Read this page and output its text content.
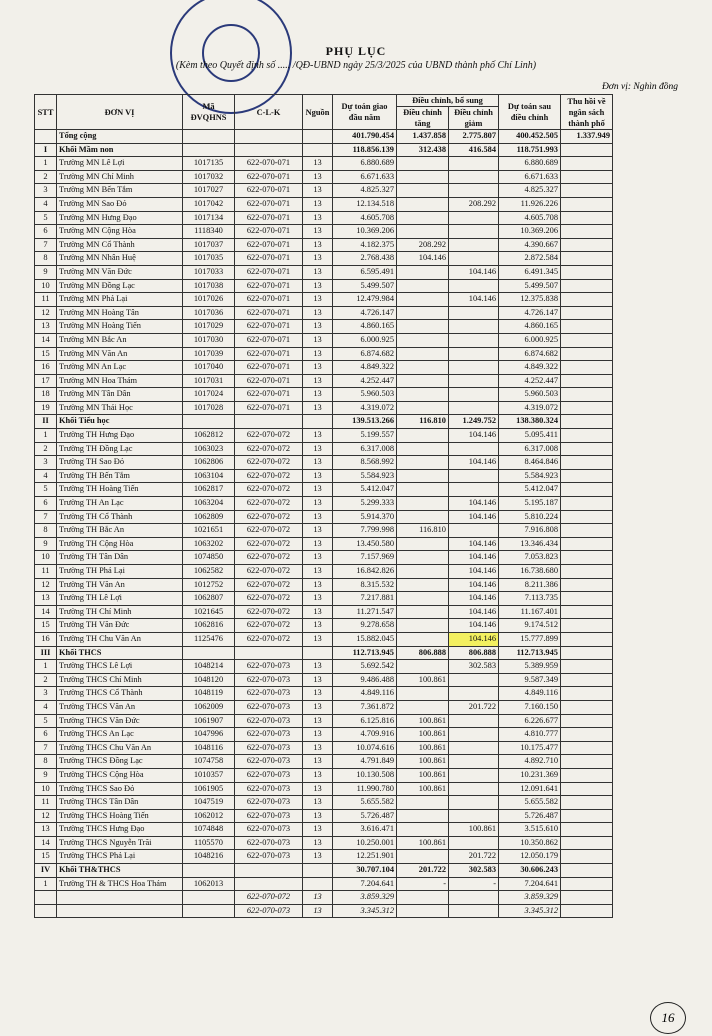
PHỤ LỤC
(Kèm theo Quyết định số ..... /QĐ-UBND ngày 25/3/2025 của UBND thành phố Chí Linh)
Đơn vị: Nghìn đồng
STT	ĐƠN VỊ	Mã ĐVQHNS	C-L-K	Nguồn	Dự toán giao đầu năm	Điều chỉnh, bổ sung		Dự toán sau điều chỉnh	Thu hồi về ngân sách thành phố
						Điều chỉnh tăng	Điều chỉnh giảm		
	Tổng cộng				401.790.454	1.437.858	2.775.807	400.452.505	1.337.949
I	Khối Mầm non				118.856.139	312.438	416.584	118.751.993	
1	Trường MN Lê Lợi	1017135	622-070-071	13	6.880.689			6.880.689	
2	Trường MN Chí Minh	1017032	622-070-071	13	6.671.633			6.671.633	
3	Trường MN Bến Tắm	1017027	622-070-071	13	4.825.327			4.825.327	
4	Trường MN Sao Đỏ	1017042	622-070-071	13	12.134.518		208.292	11.926.226	
5	Trường MN Hưng Đạo	1017134	622-070-071	13	4.605.708			4.605.708	
6	Trường MN Cộng Hòa	1118340	622-070-071	13	10.369.206			10.369.206	
7	Trường MN Cổ Thành	1017037	622-070-071	13	4.182.375	208.292		4.390.667	
8	Trường MN Nhân Huệ	1017035	622-070-071	13	2.768.438	104.146		2.872.584	
9	Trường MN Văn Đức	1017033	622-070-071	13	6.595.491		104.146	6.491.345	
10	Trường MN Đồng Lạc	1017038	622-070-071	13	5.499.507			5.499.507	
11	Trường MN Phả Lại	1017026	622-070-071	13	12.479.984		104.146	12.375.838	
12	Trường MN Hoàng Tân	1017036	622-070-071	13	4.726.147			4.726.147	
13	Trường MN Hoàng Tiến	1017029	622-070-071	13	4.860.165			4.860.165	
14	Trường MN Bắc An	1017030	622-070-071	13	6.000.925			6.000.925	
15	Trường MN Văn An	1017039	622-070-071	13	6.874.682			6.874.682	
16	Trường MN An Lạc	1017040	622-070-071	13	4.849.322			4.849.322	
17	Trường MN Hoa Thám	1017031	622-070-071	13	4.252.447			4.252.447	
18	Trường MN Tân Dân	1017024	622-070-071	13	5.960.503			5.960.503	
19	Trường MN Thái Học	1017028	622-070-071	13	4.319.072			4.319.072	
II	Khối Tiểu học				139.513.266	116.810	1.249.752	138.380.324	
1	Trường TH Hưng Đạo	1062812	622-070-072	13	5.199.557		104.146	5.095.411	
2	Trường TH Đồng Lạc	1063023	622-070-072	13	6.317.008			6.317.008	
3	Trường TH Sao Đỏ	1062806	622-070-072	13	8.568.992		104.146	8.464.846	
4	Trường TH Bến Tắm	1063104	622-070-072	13	5.584.923			5.584.923	
5	Trường TH Hoàng Tiến	1062817	622-070-072	13	5.412.047			5.412.047	
6	Trường TH An Lạc	1063204	622-070-072	13	5.299.333		104.146	5.195.187	
7	Trường TH Cổ Thành	1062809	622-070-072	13	5.914.370		104.146	5.810.224	
8	Trường TH Bắc An	1021651	622-070-072	13	7.799.998	116.810		7.916.808	
9	Trường TH Cộng Hòa	1063202	622-070-072	13	13.450.580		104.146	13.346.434	
10	Trường TH Tân Dân	1074850	622-070-072	13	7.157.969		104.146	7.053.823	
11	Trường TH Phả Lại	1062582	622-070-072	13	16.842.826		104.146	16.738.680	
12	Trường TH Văn An	1012752	622-070-072	13	8.315.532		104.146	8.211.386	
13	Trường TH Lê Lợi	1062807	622-070-072	13	7.217.881		104.146	7.113.735	
14	Trường TH Chí Minh	1021645	622-070-072	13	11.271.547		104.146	11.167.401	
15	Trường TH Văn Đức	1062816	622-070-072	13	9.278.658		104.146	9.174.512	
16	Trường TH Chu Văn An	1125476	622-070-072	13	15.882.045		104.146	15.777.899	
III	Khối THCS				112.713.945	806.888	806.888	112.713.945	
1	Trường THCS Lê Lợi	1048214	622-070-073	13	5.692.542		302.583	5.389.959	
2	Trường THCS Chí Minh	1048120	622-070-073	13	9.486.488	100.861		9.587.349	
3	Trường THCS Cổ Thành	1048119	622-070-073	13	4.849.116			4.849.116	
4	Trường THCS Văn An	1062009	622-070-073	13	7.361.872		201.722	7.160.150	
5	Trường THCS Văn Đức	1061907	622-070-073	13	6.125.816	100.861		6.226.677	
6	Trường THCS An Lạc	1047996	622-070-073	13	4.709.916	100.861		4.810.777	
7	Trường THCS Chu Văn An	1048116	622-070-073	13	10.074.616	100.861		10.175.477	
8	Trường THCS Đồng Lạc	1074758	622-070-073	13	4.791.849	100.861		4.892.710	
9	Trường THCS Cộng Hòa	1010357	622-070-073	13	10.130.508	100.861		10.231.369	
10	Trường THCS Sao Đỏ	1061905	622-070-073	13	11.990.780	100.861		12.091.641	
11	Trường THCS Tân Dân	1047519	622-070-073	13	5.655.582			5.655.582	
12	Trường THCS Hoàng Tiến	1062012	622-070-073	13	5.726.487			5.726.487	
13	Trường THCS Hưng Đạo	1074848	622-070-073	13	3.616.471		100.861	3.515.610	
14	Trường THCS Nguyễn Trãi	1105570	622-070-073	13	10.250.001	100.861		10.350.862	
15	Trường THCS Phả Lại	1048216	622-070-073	13	12.251.901		201.722	12.050.179	
IV	Khối TH&THCS				30.707.104	201.722	302.583	30.606.243	
1	Trường TH & THCS Hoa Thám	1062013			7.204.641	-	-	7.204.641	
			622-070-072	13	3.859.329			3.859.329	
			622-070-073	13	3.345.312			3.345.312	
16
